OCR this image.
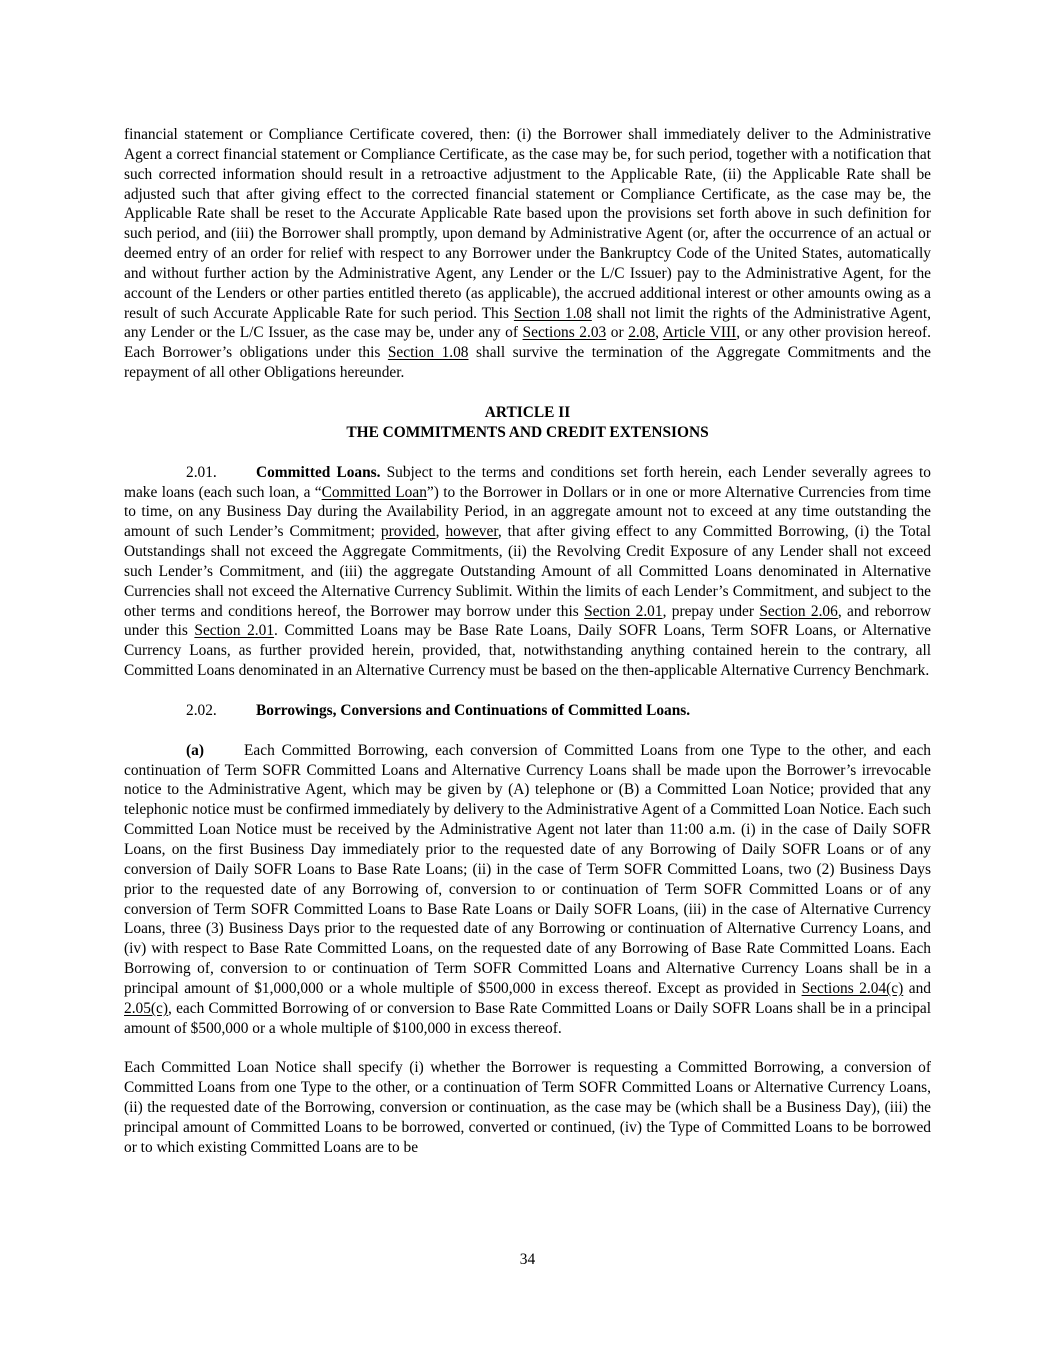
financial statement or Compliance Certificate covered, then: (i) the Borrower shall immediately deliver to the Administrative Agent a correct financial statement or Compliance Certificate, as the case may be, for such period, together with a notification that such corrected information should result in a retroactive adjustment to the Applicable Rate, (ii) the Applicable Rate shall be adjusted such that after giving effect to the corrected financial statement or Compliance Certificate, as the case may be, the Applicable Rate shall be reset to the Accurate Applicable Rate based upon the provisions set forth above in such definition for such period, and (iii) the Borrower shall promptly, upon demand by Administrative Agent (or, after the occurrence of an actual or deemed entry of an order for relief with respect to any Borrower under the Bankruptcy Code of the United States, automatically and without further action by the Administrative Agent, any Lender or the L/C Issuer) pay to the Administrative Agent, for the account of the Lenders or other parties entitled thereto (as applicable), the accrued additional interest or other amounts owing as a result of such Accurate Applicable Rate for such period. This Section 1.08 shall not limit the rights of the Administrative Agent, any Lender or the L/C Issuer, as the case may be, under any of Sections 2.03 or 2.08, Article VIII, or any other provision hereof. Each Borrower’s obligations under this Section 1.08 shall survive the termination of the Aggregate Commitments and the repayment of all other Obligations hereunder.

ARTICLE II

THE COMMITMENTS AND CREDIT EXTENSIONS

2.01.	Committed Loans. Subject to the terms and conditions set forth herein, each Lender severally agrees to make loans (each such loan, a “Committed Loan”) to the Borrower in Dollars or in one or more Alternative Currencies from time to time, on any Business Day during the Availability Period, in an aggregate amount not to exceed at any time outstanding the amount of such Lender’s Commitment; provided, however, that after giving effect to any Committed Borrowing, (i) the Total Outstandings shall not exceed the Aggregate Commitments, (ii) the Revolving Credit Exposure of any Lender shall not exceed such Lender’s Commitment, and (iii) the aggregate Outstanding Amount of all Committed Loans denominated in Alternative Currencies shall not exceed the Alternative Currency Sublimit. Within the limits of each Lender’s Commitment, and subject to the other terms and conditions hereof, the Borrower may borrow under this Section 2.01, prepay under Section 2.06, and reborrow under this Section 2.01. Committed Loans may be Base Rate Loans, Daily SOFR Loans, Term SOFR Loans, or Alternative Currency Loans, as further provided herein, provided, that, notwithstanding anything contained herein to the contrary, all Committed Loans denominated in an Alternative Currency must be based on the then-applicable Alternative Currency Benchmark.

2.02.	Borrowings, Conversions and Continuations of Committed Loans.

(a)	Each Committed Borrowing, each conversion of Committed Loans from one Type to the other, and each continuation of Term SOFR Committed Loans and Alternative Currency Loans shall be made upon the Borrower’s irrevocable notice to the Administrative Agent, which may be given by (A) telephone or (B) a Committed Loan Notice; provided that any telephonic notice must be confirmed immediately by delivery to the Administrative Agent of a Committed Loan Notice. Each such Committed Loan Notice must be received by the Administrative Agent not later than 11:00 a.m. (i) in the case of Daily SOFR Loans, on the first Business Day immediately prior to the requested date of any Borrowing of Daily SOFR Loans or of any conversion of Daily SOFR Loans to Base Rate Loans; (ii) in the case of Term SOFR Committed Loans, two (2) Business Days prior to the requested date of any Borrowing of, conversion to or continuation of Term SOFR Committed Loans or of any conversion of Term SOFR Committed Loans to Base Rate Loans or Daily SOFR Loans, (iii) in the case of Alternative Currency Loans, three (3) Business Days prior to the requested date of any Borrowing or continuation of Alternative Currency Loans, and (iv) with respect to Base Rate Committed Loans, on the requested date of any Borrowing of Base Rate Committed Loans. Each Borrowing of, conversion to or continuation of Term SOFR Committed Loans and Alternative Currency Loans shall be in a principal amount of $1,000,000 or a whole multiple of $500,000 in excess thereof. Except as provided in Sections 2.04(c) and 2.05(c), each Committed Borrowing of or conversion to Base Rate Committed Loans or Daily SOFR Loans shall be in a principal amount of $500,000 or a whole multiple of $100,000 in excess thereof.

Each Committed Loan Notice shall specify (i) whether the Borrower is requesting a Committed Borrowing, a conversion of Committed Loans from one Type to the other, or a continuation of Term SOFR Committed Loans or Alternative Currency Loans, (ii) the requested date of the Borrowing, conversion or continuation, as the case may be (which shall be a Business Day), (iii) the principal amount of Committed Loans to be borrowed, converted or continued, (iv) the Type of Committed Loans to be borrowed or to which existing Committed Loans are to be

34
